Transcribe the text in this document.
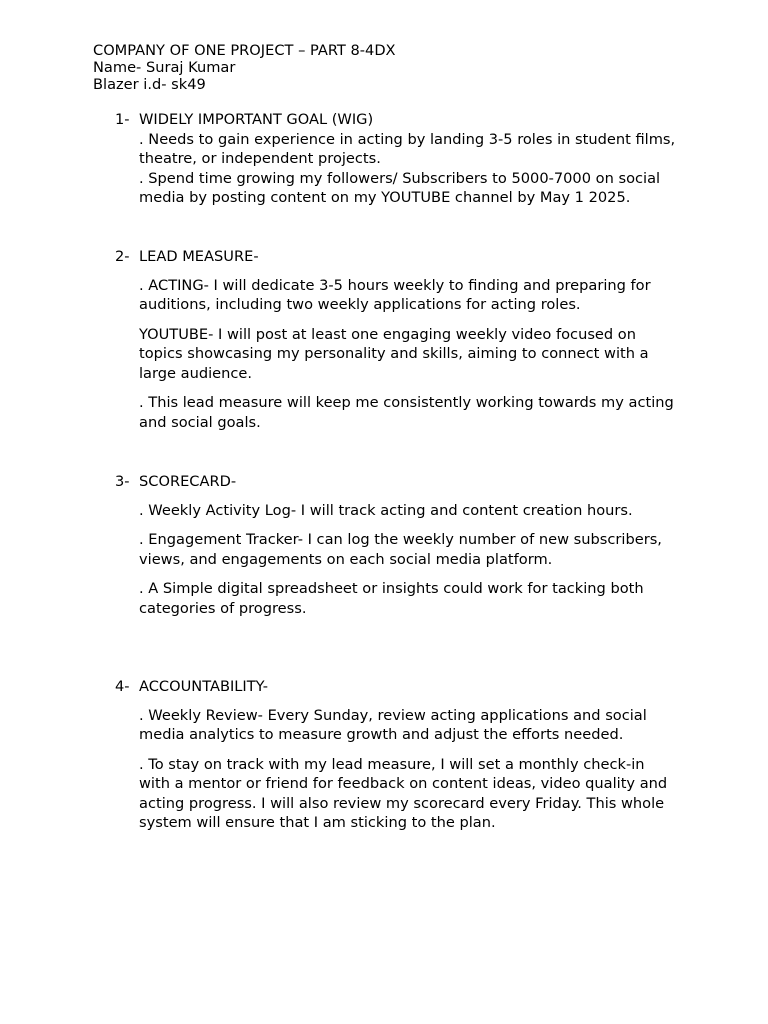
COMPANY OF ONE PROJECT – PART 8-4DX
Name- Suraj Kumar
Blazer i.d- sk49
1- WIDELY IMPORTANT GOAL (WIG)
. Needs to gain experience in acting by landing 3-5 roles in student films, theatre, or independent projects.
. Spend time growing my followers/ Subscribers to 5000-7000 on social media by posting content on my YOUTUBE channel by May 1 2025.
2- LEAD MEASURE-
. ACTING- I will dedicate 3-5 hours weekly to finding and preparing for auditions, including two weekly applications for acting roles.
YOUTUBE- I will post at least one engaging weekly video focused on topics showcasing my personality and skills, aiming to connect with a large audience.
. This lead measure will keep me consistently working towards my acting and social goals.
3- SCORECARD-
. Weekly Activity Log- I will track acting and content creation hours.
. Engagement Tracker- I can log the weekly number of new subscribers, views, and engagements on each social media platform.
. A Simple digital spreadsheet or insights could work for tacking both categories of progress.
4- ACCOUNTABILITY-
. Weekly Review- Every Sunday, review acting applications and social media analytics to measure growth and adjust the efforts needed.
. To stay on track with my lead measure, I will set a monthly check-in with a mentor or friend for feedback on content ideas, video quality and acting progress. I will also review my scorecard every Friday. This whole system will ensure that I am sticking to the plan.
